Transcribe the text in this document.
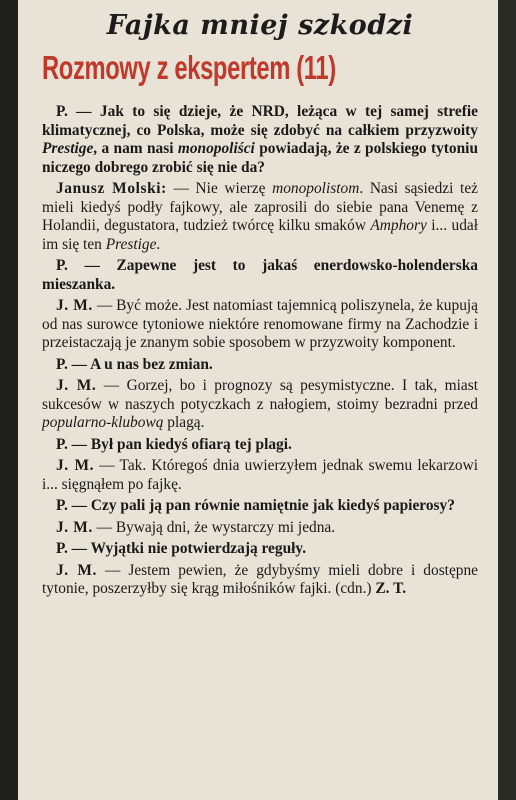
Fajka mniej szkodzi
Rozmowy z ekspertem (11)

P. — Jak to się dzieje, że NRD, leżąca w tej samej strefie klimatycznej, co Polska, może się zdobyć na całkiem przyzwoity Prestige, a nam nasi monopoliści powiadają, że z polskiego tytoniu niczego dobrego zrobić się nie da?

Janusz Molski: — Nie wierzę monopolistom. Nasi sąsiedzi też mieli kiedyś podły fajkowy, ale zaprosili do siebie pana Venemę z Holandii, degustatora, tudzież twórcę kilku smaków Amphory i... udał im się ten Prestige.

P. — Zapewne jest to jakaś enerdowsko-holenderska mieszanka.

J. M. — Być może. Jest natomiast tajemnicą poliszynela, że kupują od nas surowce tytoniowe niektóre renomowane firmy na Zachodzie i przeistaczają je znanym sobie sposobem w przyzwoity komponent.

P. — A u nas bez zmian.

J. M. — Gorzej, bo i prognozy są pesymistyczne. I tak, miast sukcesów w naszych potyczkach z nałogiem, stoimy bezradni przed popularno-klubową plagą.

P. — Był pan kiedyś ofiarą tej plagi.

J. M. — Tak. Któregoś dnia uwierzyłem jednak swemu lekarzowi i... sięgnąłem po fajkę.

P. — Czy pali ją pan równie namiętnie jak kiedyś papierosy?

J. M. — Bywają dni, że wystarczy mi jedna.

P. — Wyjątki nie potwierdzają reguły.

J. M. — Jestem pewien, że gdybyśmy mieli dobre i dostępne tytonie, poszerzyłby się krąg miłośników fajki. (cdn.) Z. T.
